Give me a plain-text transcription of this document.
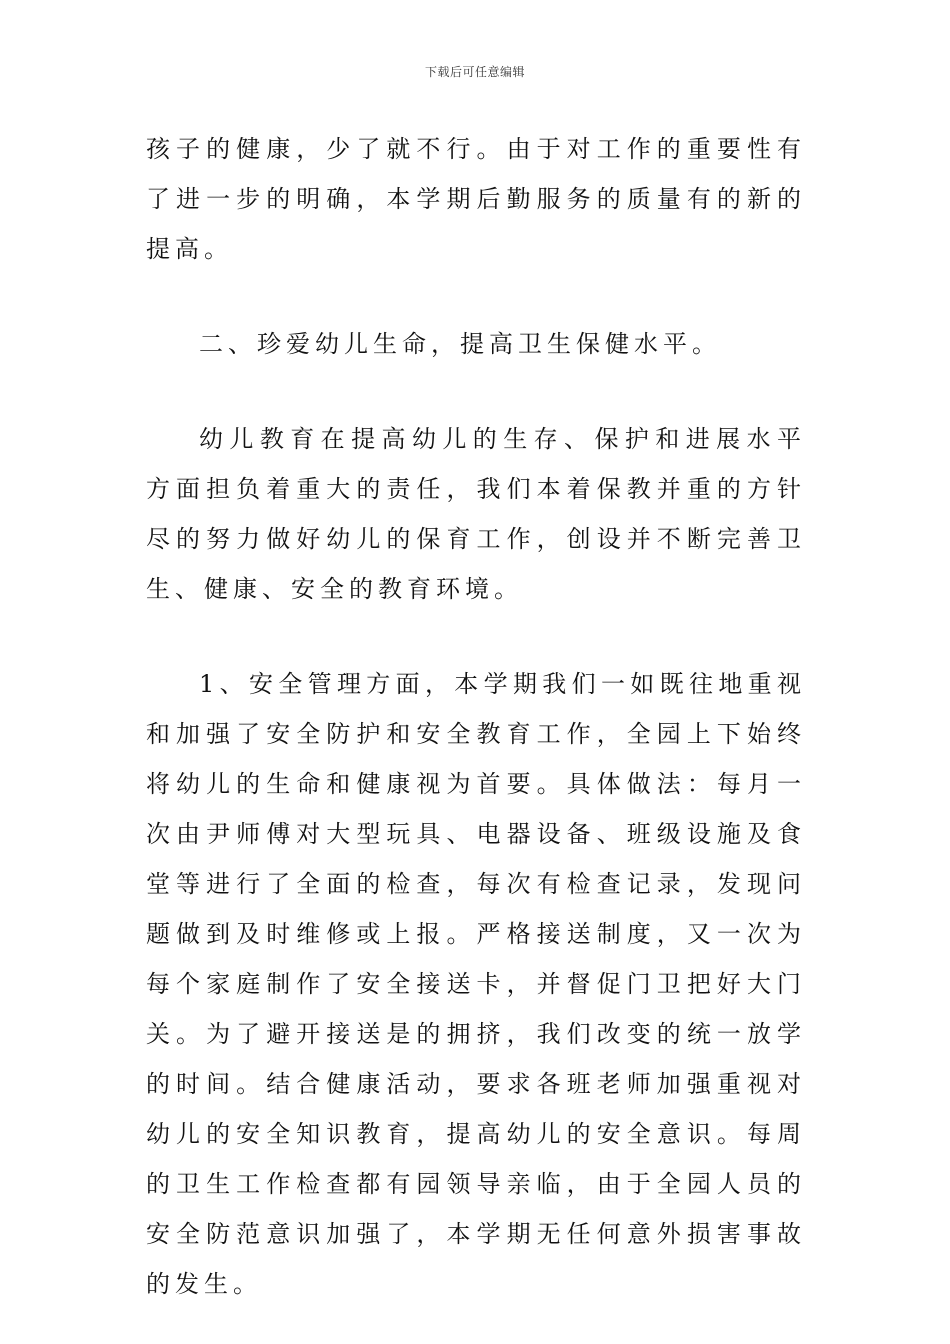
下载后可任意编辑

孩子的健康，少了就不行。由于对工作的重要性有了进一步的明确，本学期后勤服务的质量有的新的提高。

二、珍爱幼儿生命，提高卫生保健水平。

幼儿教育在提高幼儿的生存、保护和进展水平方面担负着重大的责任，我们本着保教并重的方针尽的努力做好幼儿的保育工作，创设并不断完善卫生、健康、安全的教育环境。

1、安全管理方面，本学期我们一如既往地重视和加强了安全防护和安全教育工作，全园上下始终将幼儿的生命和健康视为首要。具体做法：每月一次由尹师傅对大型玩具、电器设备、班级设施及食堂等进行了全面的检查，每次有检查记录，发现问题做到及时维修或上报。严格接送制度，又一次为每个家庭制作了安全接送卡，并督促门卫把好大门关。为了避开接送是的拥挤，我们改变的统一放学的时间。结合健康活动，要求各班老师加强重视对幼儿的安全知识教育，提高幼儿的安全意识。每周的卫生工作检查都有园领导亲临，由于全园人员的安全防范意识加强了，本学期无任何意外损害事故的发生。
